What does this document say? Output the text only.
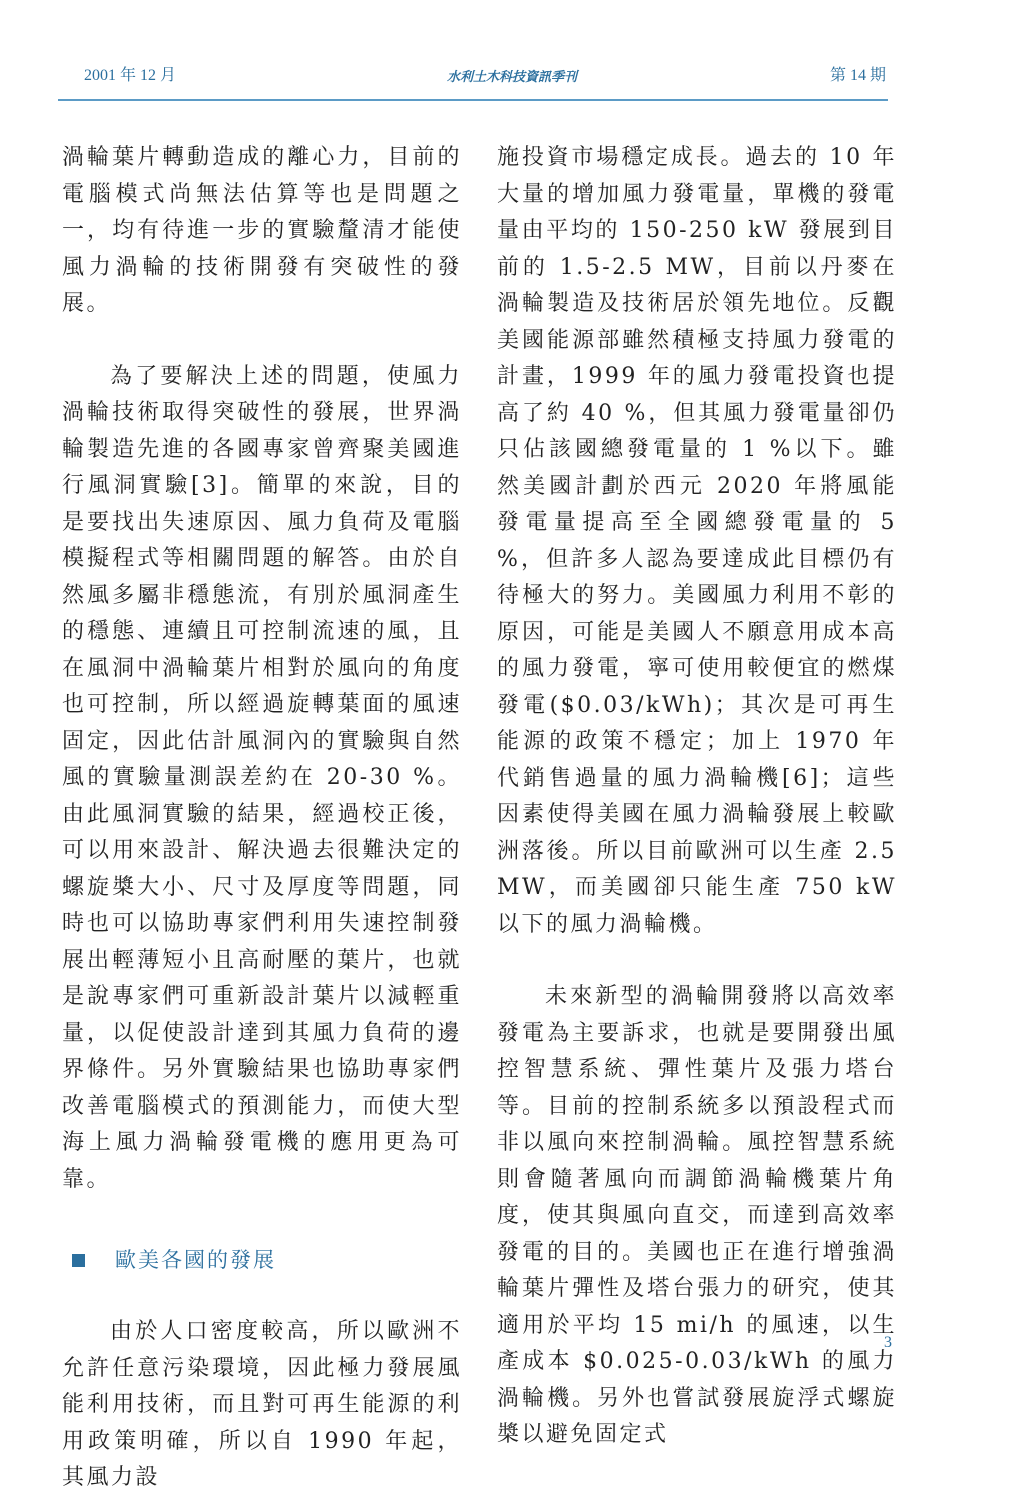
2001 年 12 月	水利土木科技資訊季刊	第 14 期

渦輪葉片轉動造成的離心力，目前的電腦模式尚無法估算等也是問題之一，均有待進一步的實驗釐清才能使風力渦輪的技術開發有突破性的發展。

為了要解決上述的問題，使風力渦輪技術取得突破性的發展，世界渦輪製造先進的各國專家曾齊聚美國進行風洞實驗[3]。簡單的來說，目的是要找出失速原因、風力負荷及電腦模擬程式等相關問題的解答。由於自然風多屬非穩態流，有別於風洞產生的穩態、連續且可控制流速的風，且在風洞中渦輪葉片相對於風向的角度也可控制，所以經過旋轉葉面的風速固定，因此估計風洞內的實驗與自然風的實驗量測誤差約在 20-30 %。由此風洞實驗的結果，經過校正後，可以用來設計、解決過去很難決定的螺旋槳大小、尺寸及厚度等問題，同時也可以協助專家們利用失速控制發展出輕薄短小且高耐壓的葉片，也就是說專家們可重新設計葉片以減輕重量，以促使設計達到其風力負荷的邊界條件。另外實驗結果也協助專家們改善電腦模式的預測能力，而使大型海上風力渦輪發電機的應用更為可靠。

歐美各國的發展

由於人口密度較高，所以歐洲不允許任意污染環境，因此極力發展風能利用技術，而且對可再生能源的利用政策明確，所以自 1990 年起，其風力設

施投資市場穩定成長。過去的 10 年大量的增加風力發電量，單機的發電量由平均的 150-250 kW 發展到目前的 1.5-2.5 MW，目前以丹麥在渦輪製造及技術居於領先地位。反觀美國能源部雖然積極支持風力發電的計畫，1999 年的風力發電投資也提高了約 40 %，但其風力發電量卻仍只佔該國總發電量的 1 %以下。雖然美國計劃於西元 2020 年將風能發電量提高至全國總發電量的 5 %，但許多人認為要達成此目標仍有待極大的努力。美國風力利用不彰的原因，可能是美國人不願意用成本高的風力發電，寧可使用較便宜的燃煤發電($0.03/kWh)；其次是可再生能源的政策不穩定；加上 1970 年代銷售過量的風力渦輪機[6]；這些因素使得美國在風力渦輪發展上較歐洲落後。所以目前歐洲可以生產 2.5 MW，而美國卻只能生產 750 kW 以下的風力渦輪機。

未來新型的渦輪開發將以高效率發電為主要訴求，也就是要開發出風控智慧系統、彈性葉片及張力塔台等。目前的控制系統多以預設程式而非以風向來控制渦輪。風控智慧系統則會隨著風向而調節渦輪機葉片角度，使其與風向直交，而達到高效率發電的目的。美國也正在進行增強渦輪葉片彈性及塔台張力的研究，使其適用於平均 15 mi/h 的風速，以生產成本 $0.025-0.03/kWh 的風力渦輪機。另外也嘗試發展旋浮式螺旋槳以避免固定式

3
